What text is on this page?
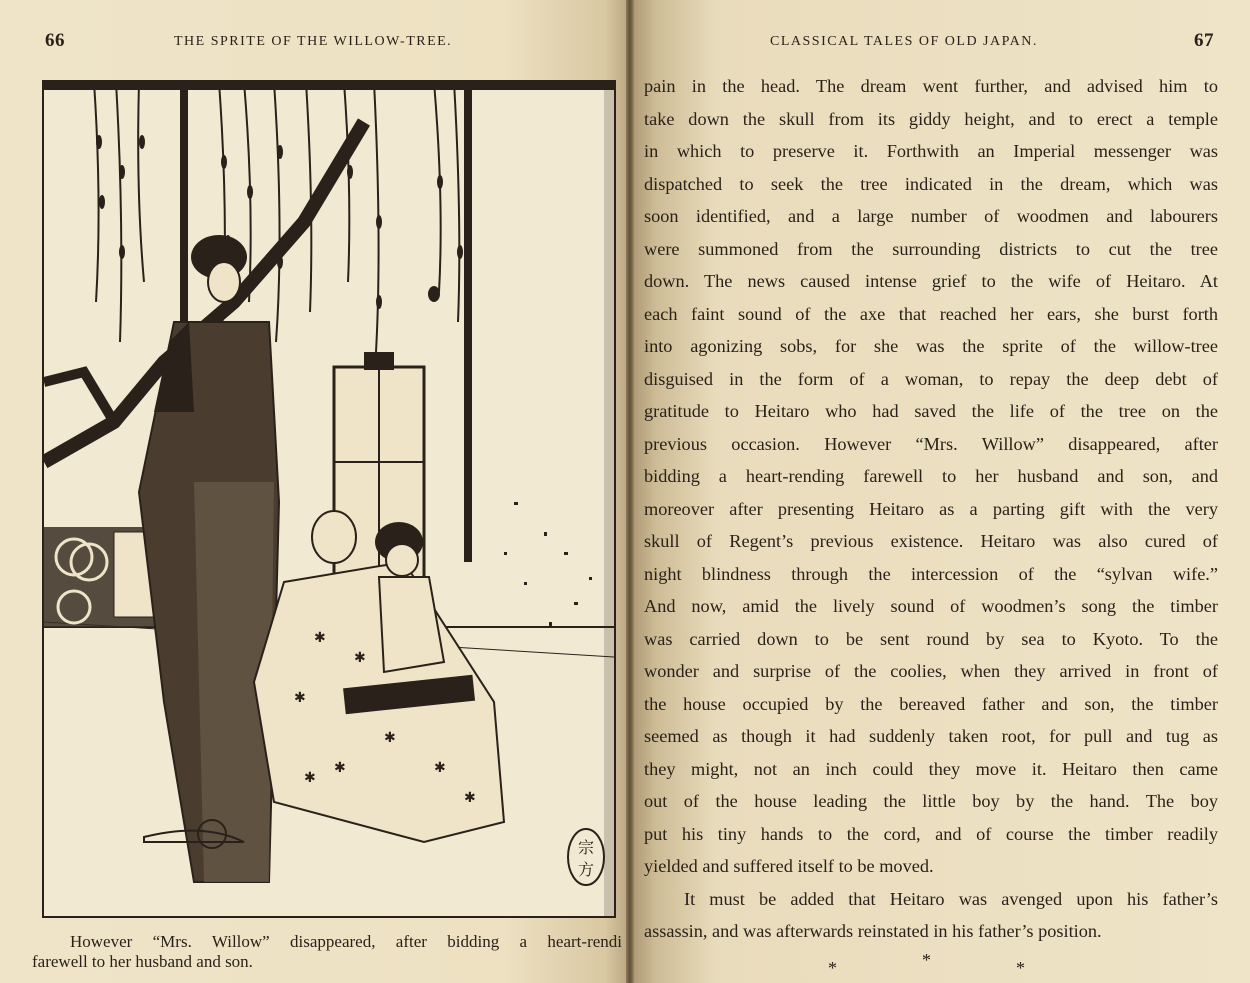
66	THE SPRITE OF THE WILLOW-TREE.
✱
✱
✱
✱
✱	✱
✱
✱
宗
方
However “Mrs. Willow” disappeared, after bidding a heart-rendi
farewell to her husband and son.
CLASSICAL TALES OF OLD JAPAN.	67
pain in the head. The dream went further, and advised him to
take down the skull from its giddy height, and to erect a temple
in which to preserve it. Forthwith an Imperial messenger was
dispatched to seek the tree indicated in the dream, which was
soon identified, and a large number of woodmen and labourers
were summoned from the surrounding districts to cut the tree
down. The news caused intense grief to the wife of Heitaro. At
each faint sound of the axe that reached her ears, she burst forth
into agonizing sobs, for she was the sprite of the willow-tree
disguised in the form of a woman, to repay the deep debt of
gratitude to Heitaro who had saved the life of the tree on the
previous occasion. However “Mrs. Willow” disappeared, after
bidding a heart-rending farewell to her husband and son, and
moreover after presenting Heitaro as a parting gift with the very
skull of Regent’s previous existence. Heitaro was also cured of
night blindness through the intercession of the “sylvan wife.”
And now, amid the lively sound of woodmen’s song the timber
was carried down to be sent round by sea to Kyoto. To the
wonder and surprise of the coolies, when they arrived in front of
the house occupied by the bereaved father and son, the timber
seemed as though it had suddenly taken root, for pull and tug as
they might, not an inch could they move it. Heitaro then came
out of the house leading the little boy by the hand. The boy
put his tiny hands to the cord, and of course the timber readily
yielded and suffered itself to be moved.
It must be added that Heitaro was avenged upon his father’s
assassin, and was afterwards reinstated in his father’s position.
*	*	*
